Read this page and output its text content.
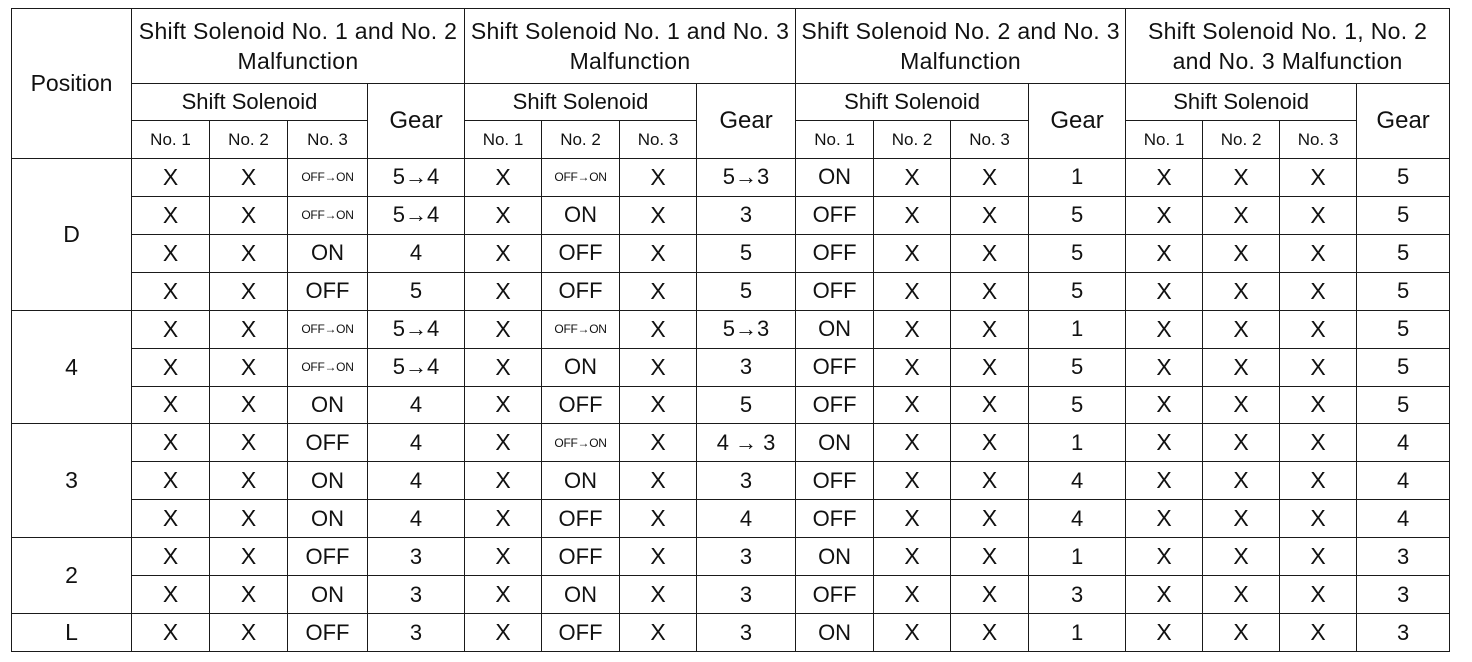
Position	Shift Solenoid No. 1 and No. 2 Malfunction				Shift Solenoid No. 1 and No. 3 Malfunction				Shift Solenoid No. 2 and No. 3 Malfunction				Shift Solenoid No. 1, No. 2 and No. 3 Malfunction			
	Shift Solenoid			Gear	Shift Solenoid			Gear	Shift Solenoid			Gear	Shift Solenoid			Gear
	No. 1	No. 2	No. 3		No. 1	No. 2	No. 3		No. 1	No. 2	No. 3		No. 1	No. 2	No. 3	
D	X	X	OFF→ON	5→4	X	OFF→ON	X	5→3	ON	X	X	1	X	X	X	5
	X	X	OFF→ON	5→4	X	ON	X	3	OFF	X	X	5	X	X	X	5
	X	X	ON	4	X	OFF	X	5	OFF	X	X	5	X	X	X	5
	X	X	OFF	5	X	OFF	X	5	OFF	X	X	5	X	X	X	5
4	X	X	OFF→ON	5→4	X	OFF→ON	X	5→3	ON	X	X	1	X	X	X	5
	X	X	OFF→ON	5→4	X	ON	X	3	OFF	X	X	5	X	X	X	5
	X	X	ON	4	X	OFF	X	5	OFF	X	X	5	X	X	X	5
3	X	X	OFF	4	X	OFF→ON	X	4 → 3	ON	X	X	1	X	X	X	4
	X	X	ON	4	X	ON	X	3	OFF	X	X	4	X	X	X	4
	X	X	ON	4	X	OFF	X	4	OFF	X	X	4	X	X	X	4
2	X	X	OFF	3	X	OFF	X	3	ON	X	X	1	X	X	X	3
	X	X	ON	3	X	ON	X	3	OFF	X	X	3	X	X	X	3
L	X	X	OFF	3	X	OFF	X	3	ON	X	X	1	X	X	X	3
